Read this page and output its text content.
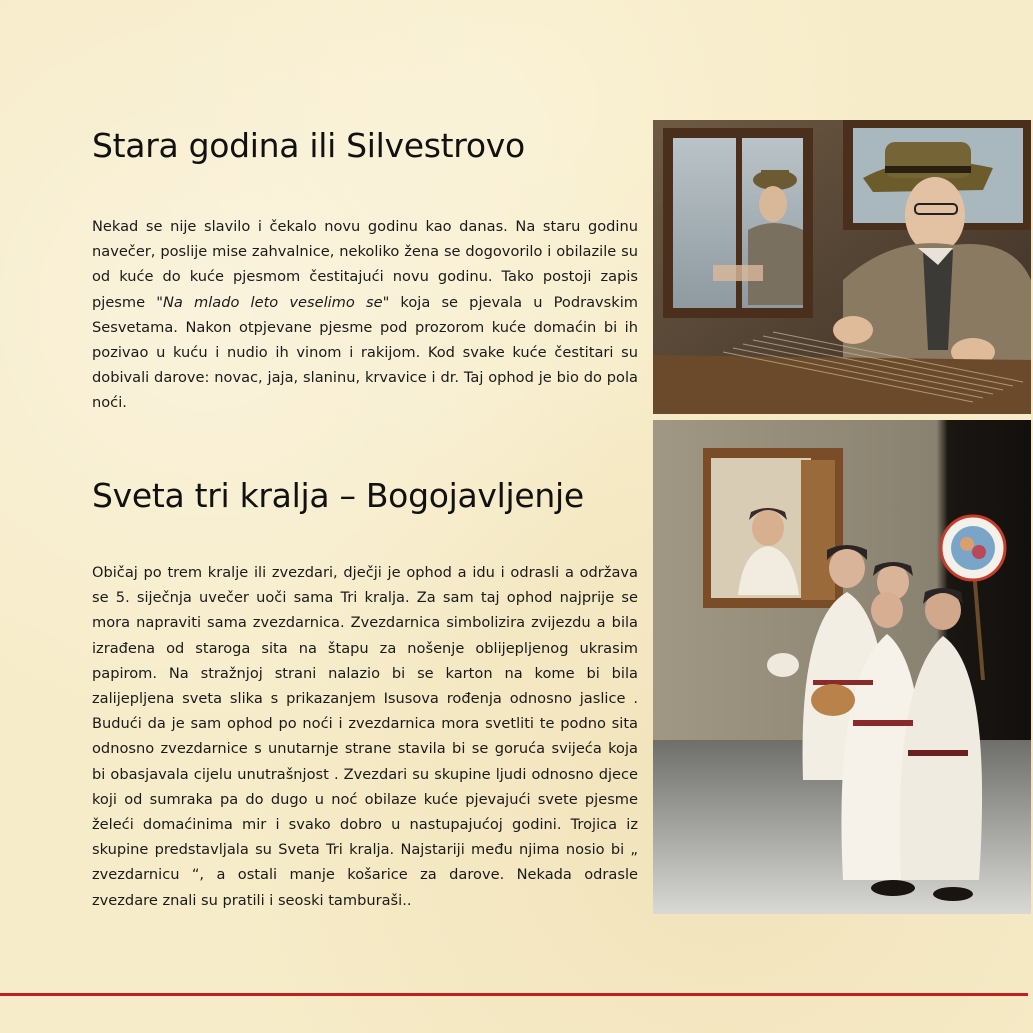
Stara godina ili Silvestrovo

Nekad se nije slavilo i čekalo novu godinu kao danas. Na staru godinu navečer, poslije mise zahvalnice, nekoliko žena se dogovorilo i obilazile su od kuće do kuće pjesmom čestitajući novu godinu. Tako postoji zapis pjesme "Na mlado leto veselimo se" koja se pjevala u Podravskim Sesvetama. Nakon otpjevane pjesme pod prozorom kuće domaćin bi ih pozivao u kuću i nudio ih vinom i rakijom. Kod svake kuće čestitari su dobivali darove: novac, jaja, slaninu, krvavice i dr. Taj ophod je bio do pola noći.

Sveta tri kralja – Bogojavljenje

Običaj po trem kralje ili zvezdari, dječji je ophod a idu i odrasli a održava se 5. siječnja uvečer uoči sama Tri kralja. Za sam taj ophod najprije se mora napraviti sama zvezdarnica. Zvezdarnica simbolizira zvijezdu a bila izrađena od staroga sita na štapu za nošenje oblijepljenog ukrasim papirom. Na stražnjoj strani nalazio bi se karton na kome bi bila zalijepljena sveta slika s prikazanjem Isusova rođenja odnosno jaslice . Budući da je sam ophod po noći i zvezdarnica mora svetliti te podno sita odnosno zvezdarnice s unutarnje strane stavila bi se goruća svijeća koja bi obasjavala cijelu unutrašnjost . Zvezdari su skupine ljudi odnosno djece koji od sumraka pa do dugo u noć obilaze kuće pjevajući svete pjesme želeći domaćinima mir i svako dobro u nastupajućoj godini. Trojica iz skupine predstavljala su Sveta Tri kralja. Najstariji među njima nosio bi „ zvezdarnicu “, a ostali manje košarice za darove. Nekada odrasle zvezdare znali su pratili i seoski tamburaši..
